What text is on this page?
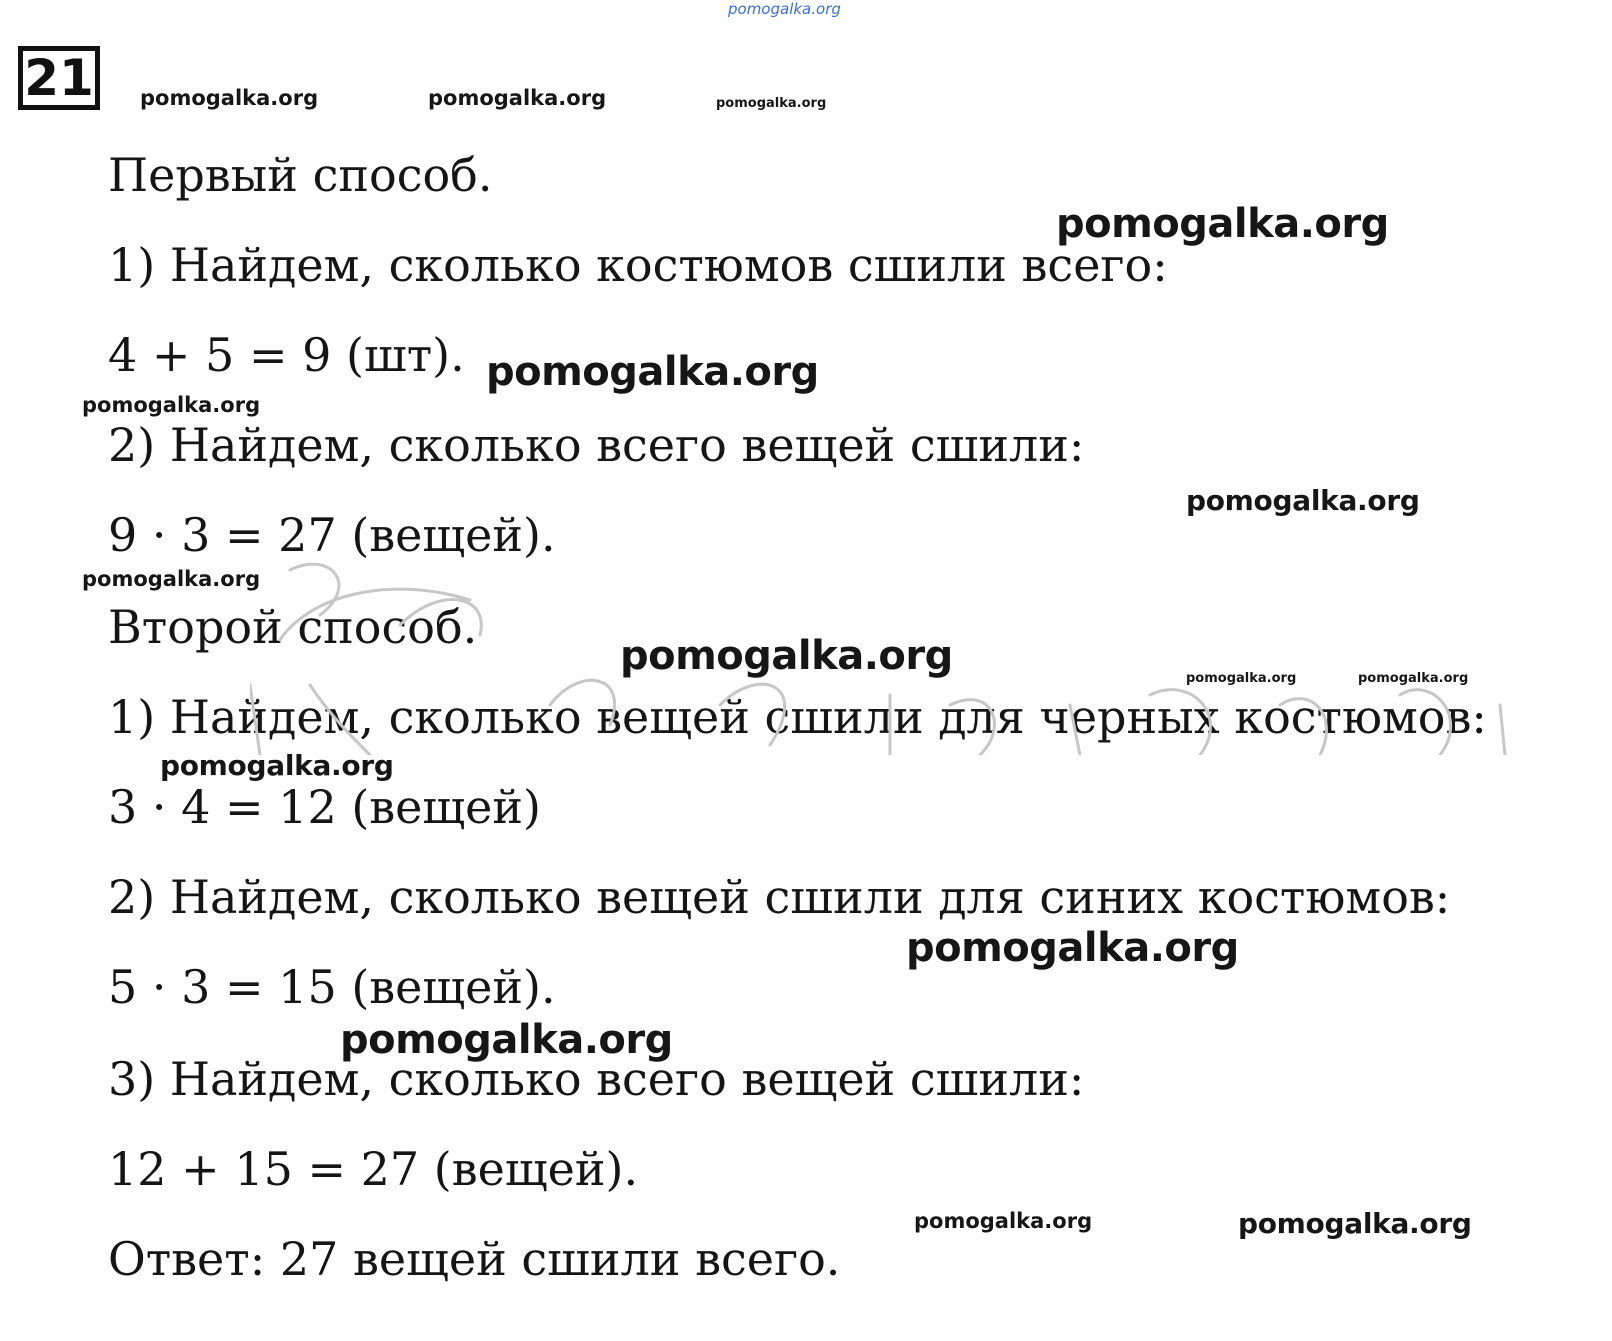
pomogalka.org
21
Первый способ.
1) Найдем, сколько костюмов сшили всего:
4 + 5 = 9 (шт).
2) Найдем, сколько всего вещей сшили:
9 · 3 = 27 (вещей).
Второй способ.
1) Найдем, сколько вещей сшили для черных костюмов:
3 · 4 = 12 (вещей)
2) Найдем, сколько вещей сшили для синих костюмов:
5 · 3 = 15 (вещей).
3) Найдем, сколько всего вещей сшили:
12 + 15 = 27 (вещей).
Ответ: 27 вещей сшили всего.
pomogalka.org	pomogalka.org	pomogalka.org
pomogalka.org
pomogalka.org
pomogalka.org
pomogalka.org
pomogalka.org
pomogalka.org	pomogalka.org	pomogalka.org
pomogalka.org
pomogalka.org
pomogalka.org
pomogalka.org	pomogalka.org
